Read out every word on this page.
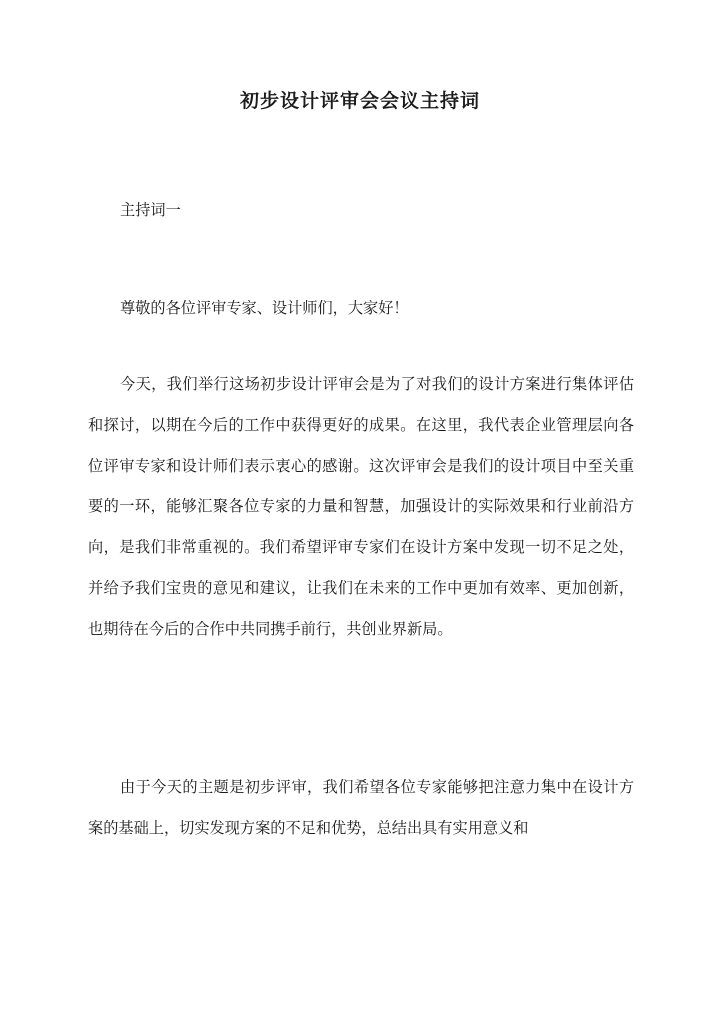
初步设计评审会会议主持词

主持词一

尊敬的各位评审专家、设计师们，大家好！

今天，我们举行这场初步设计评审会是为了对我们的设计方案进行集体评估和探讨，以期在今后的工作中获得更好的成果。在这里，我代表企业管理层向各位评审专家和设计师们表示衷心的感谢。这次评审会是我们的设计项目中至关重要的一环，能够汇聚各位专家的力量和智慧，加强设计的实际效果和行业前沿方向，是我们非常重视的。我们希望评审专家们在设计方案中发现一切不足之处，并给予我们宝贵的意见和建议，让我们在未来的工作中更加有效率、更加创新，也期待在今后的合作中共同携手前行，共创业界新局。

由于今天的主题是初步评审，我们希望各位专家能够把注意力集中在设计方案的基础上，切实发现方案的不足和优势，总结出具有实用意义和
